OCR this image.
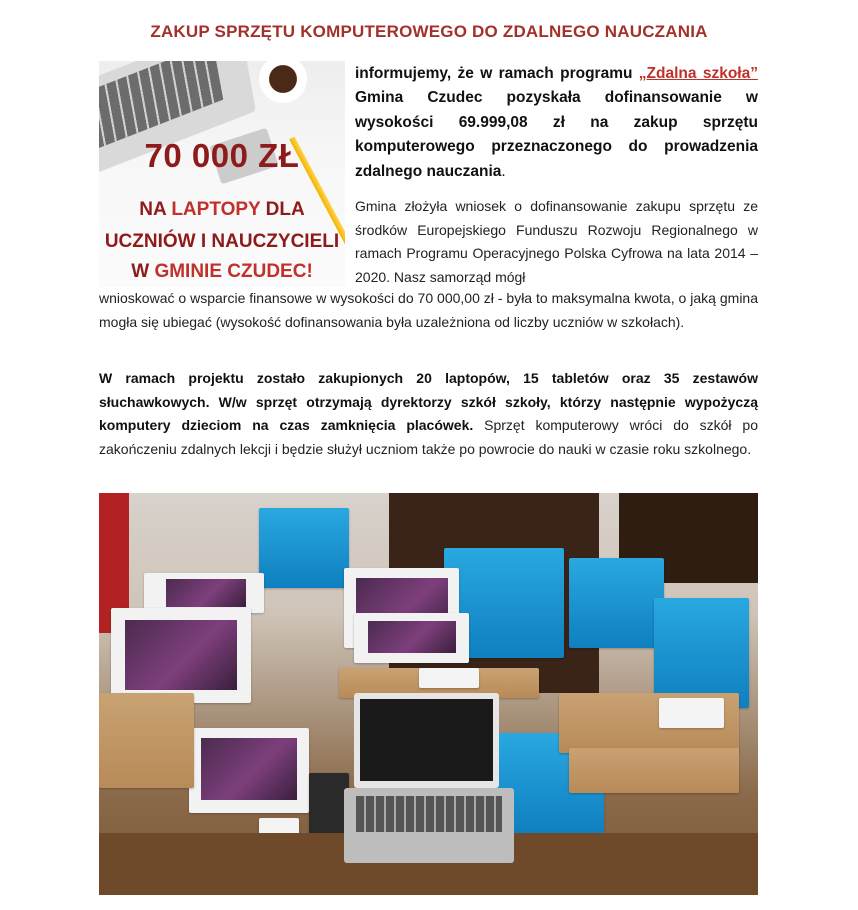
ZAKUP SPRZĘTU KOMPUTEROWEGO DO ZDALNEGO NAUCZANIA
70 000 ZŁ
NA LAPTOPY DLA
UCZNIÓW I NAUCZYCIELI
W GMINIE CZUDEC!
informujemy, że w ramach programu „Zdalna szkoła” Gmina Czudec pozyskała dofinansowanie w wysokości 69.999,08 zł na zakup sprzętu komputerowego przeznaczonego do prowadzenia zdalnego nauczania.
Gmina złożyła wniosek o dofinansowanie zakupu sprzętu ze środków Europejskiego Funduszu Rozwoju Regionalnego w ramach Programu Operacyjnego Polska Cyfrowa na lata 2014 – 2020. Nasz samorząd mógł
wnioskować o wsparcie finansowe w wysokości do 70 000,00 zł - była to maksymalna kwota, o jaką gmina mogła się ubiegać (wysokość dofinansowania była uzależniona od liczby uczniów w szkołach).
W ramach projektu zostało zakupionych 20 laptopów, 15 tabletów oraz 35 zestawów słuchawkowych. W/w sprzęt otrzymają dyrektorzy szkół szkoły, którzy następnie wypożyczą komputery dzieciom na czas zamknięcia placówek. Sprzęt komputerowy wróci do szkół po zakończeniu zdalnych lekcji i będzie służył uczniom także po powrocie do nauki w czasie roku szkolnego.
